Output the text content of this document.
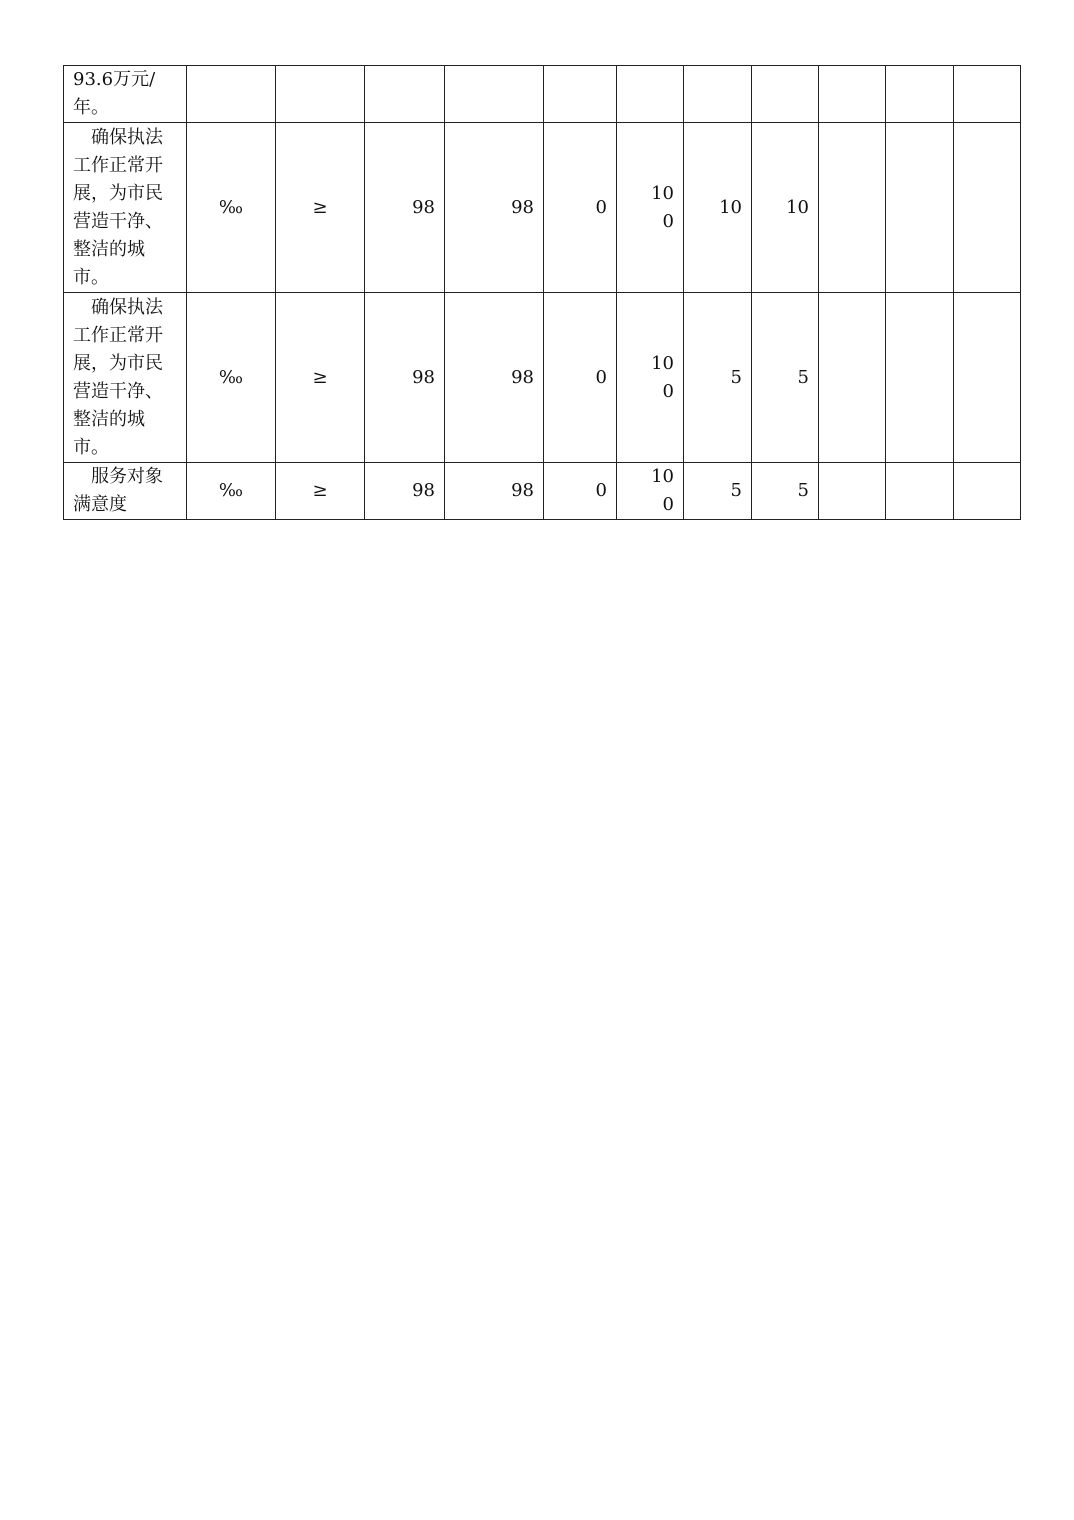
93.6万元/年。											

确保执法工作正常开展，为市民营造干净、整洁的城市。	‰	≥	98	98	0	100	10	10			

确保执法工作正常开展，为市民营造干净、整洁的城市。	‰	≥	98	98	0	100	5	5			

服务对象满意度	‰	≥	98	98	0	100	5	5			
